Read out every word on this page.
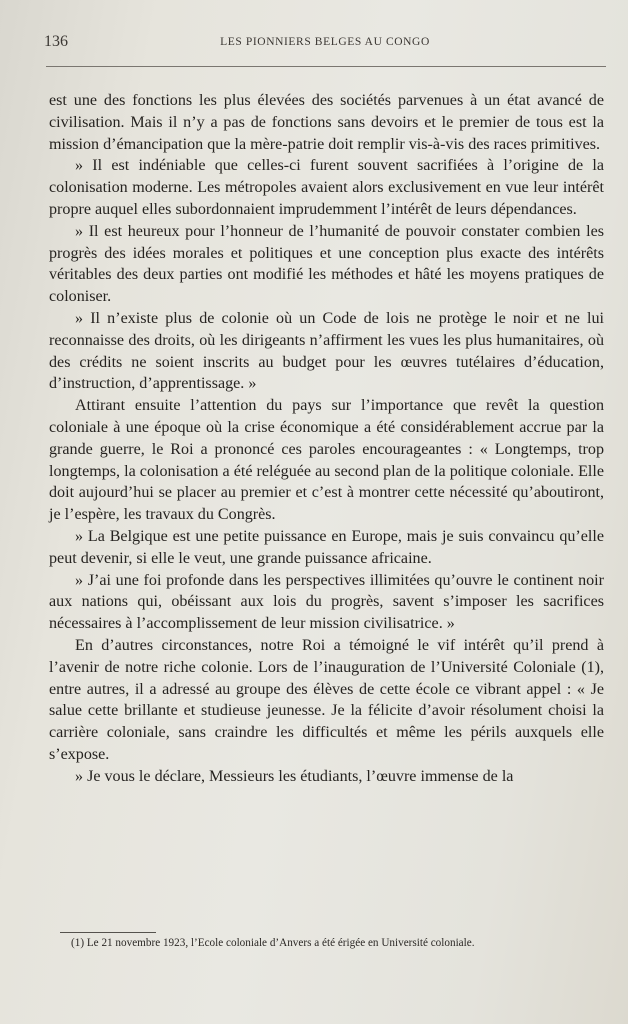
136	LES PIONNIERS BELGES AU CONGO

est une des fonctions les plus élevées des sociétés parvenues à un état avancé de civilisation. Mais il n’y a pas de fonctions sans devoirs et le premier de tous est la mission d’émancipation que la mère-patrie doit remplir vis-à-vis des races primitives.

» Il est indéniable que celles-ci furent souvent sacrifiées à l’origine de la colonisation moderne. Les métropoles avaient alors exclusivement en vue leur intérêt propre auquel elles subordonnaient imprudemment l’intérêt de leurs dépendances.

» Il est heureux pour l’honneur de l’humanité de pouvoir constater combien les progrès des idées morales et politiques et une conception plus exacte des intérêts véritables des deux parties ont modifié les méthodes et hâté les moyens pratiques de coloniser.

» Il n’existe plus de colonie où un Code de lois ne protège le noir et ne lui reconnaisse des droits, où les dirigeants n’affirment les vues les plus humanitaires, où des crédits ne soient inscrits au budget pour les œuvres tutélaires d’éducation, d’instruction, d’apprentissage. »

Attirant ensuite l’attention du pays sur l’importance que revêt la question coloniale à une époque où la crise économique a été considérablement accrue par la grande guerre, le Roi a prononcé ces paroles encourageantes : « Longtemps, trop longtemps, la colonisation a été reléguée au second plan de la politique coloniale. Elle doit aujourd’hui se placer au premier et c’est à montrer cette nécessité qu’aboutiront, je l’espère, les travaux du Congrès.

» La Belgique est une petite puissance en Europe, mais je suis convaincu qu’elle peut devenir, si elle le veut, une grande puissance africaine.

» J’ai une foi profonde dans les perspectives illimitées qu’ouvre le continent noir aux nations qui, obéissant aux lois du progrès, savent s’imposer les sacrifices nécessaires à l’accomplissement de leur mission civilisatrice. »

En d’autres circonstances, notre Roi a témoigné le vif intérêt qu’il prend à l’avenir de notre riche colonie. Lors de l’inauguration de l’Université Coloniale (1), entre autres, il a adressé au groupe des élèves de cette école ce vibrant appel : « Je salue cette brillante et studieuse jeunesse. Je la félicite d’avoir résolument choisi la carrière coloniale, sans craindre les difficultés et même les périls auxquels elle s’expose.

» Je vous le déclare, Messieurs les étudiants, l’œuvre immense de la

(1) Le 21 novembre 1923, l’Ecole coloniale d’Anvers a été érigée en Université coloniale.
